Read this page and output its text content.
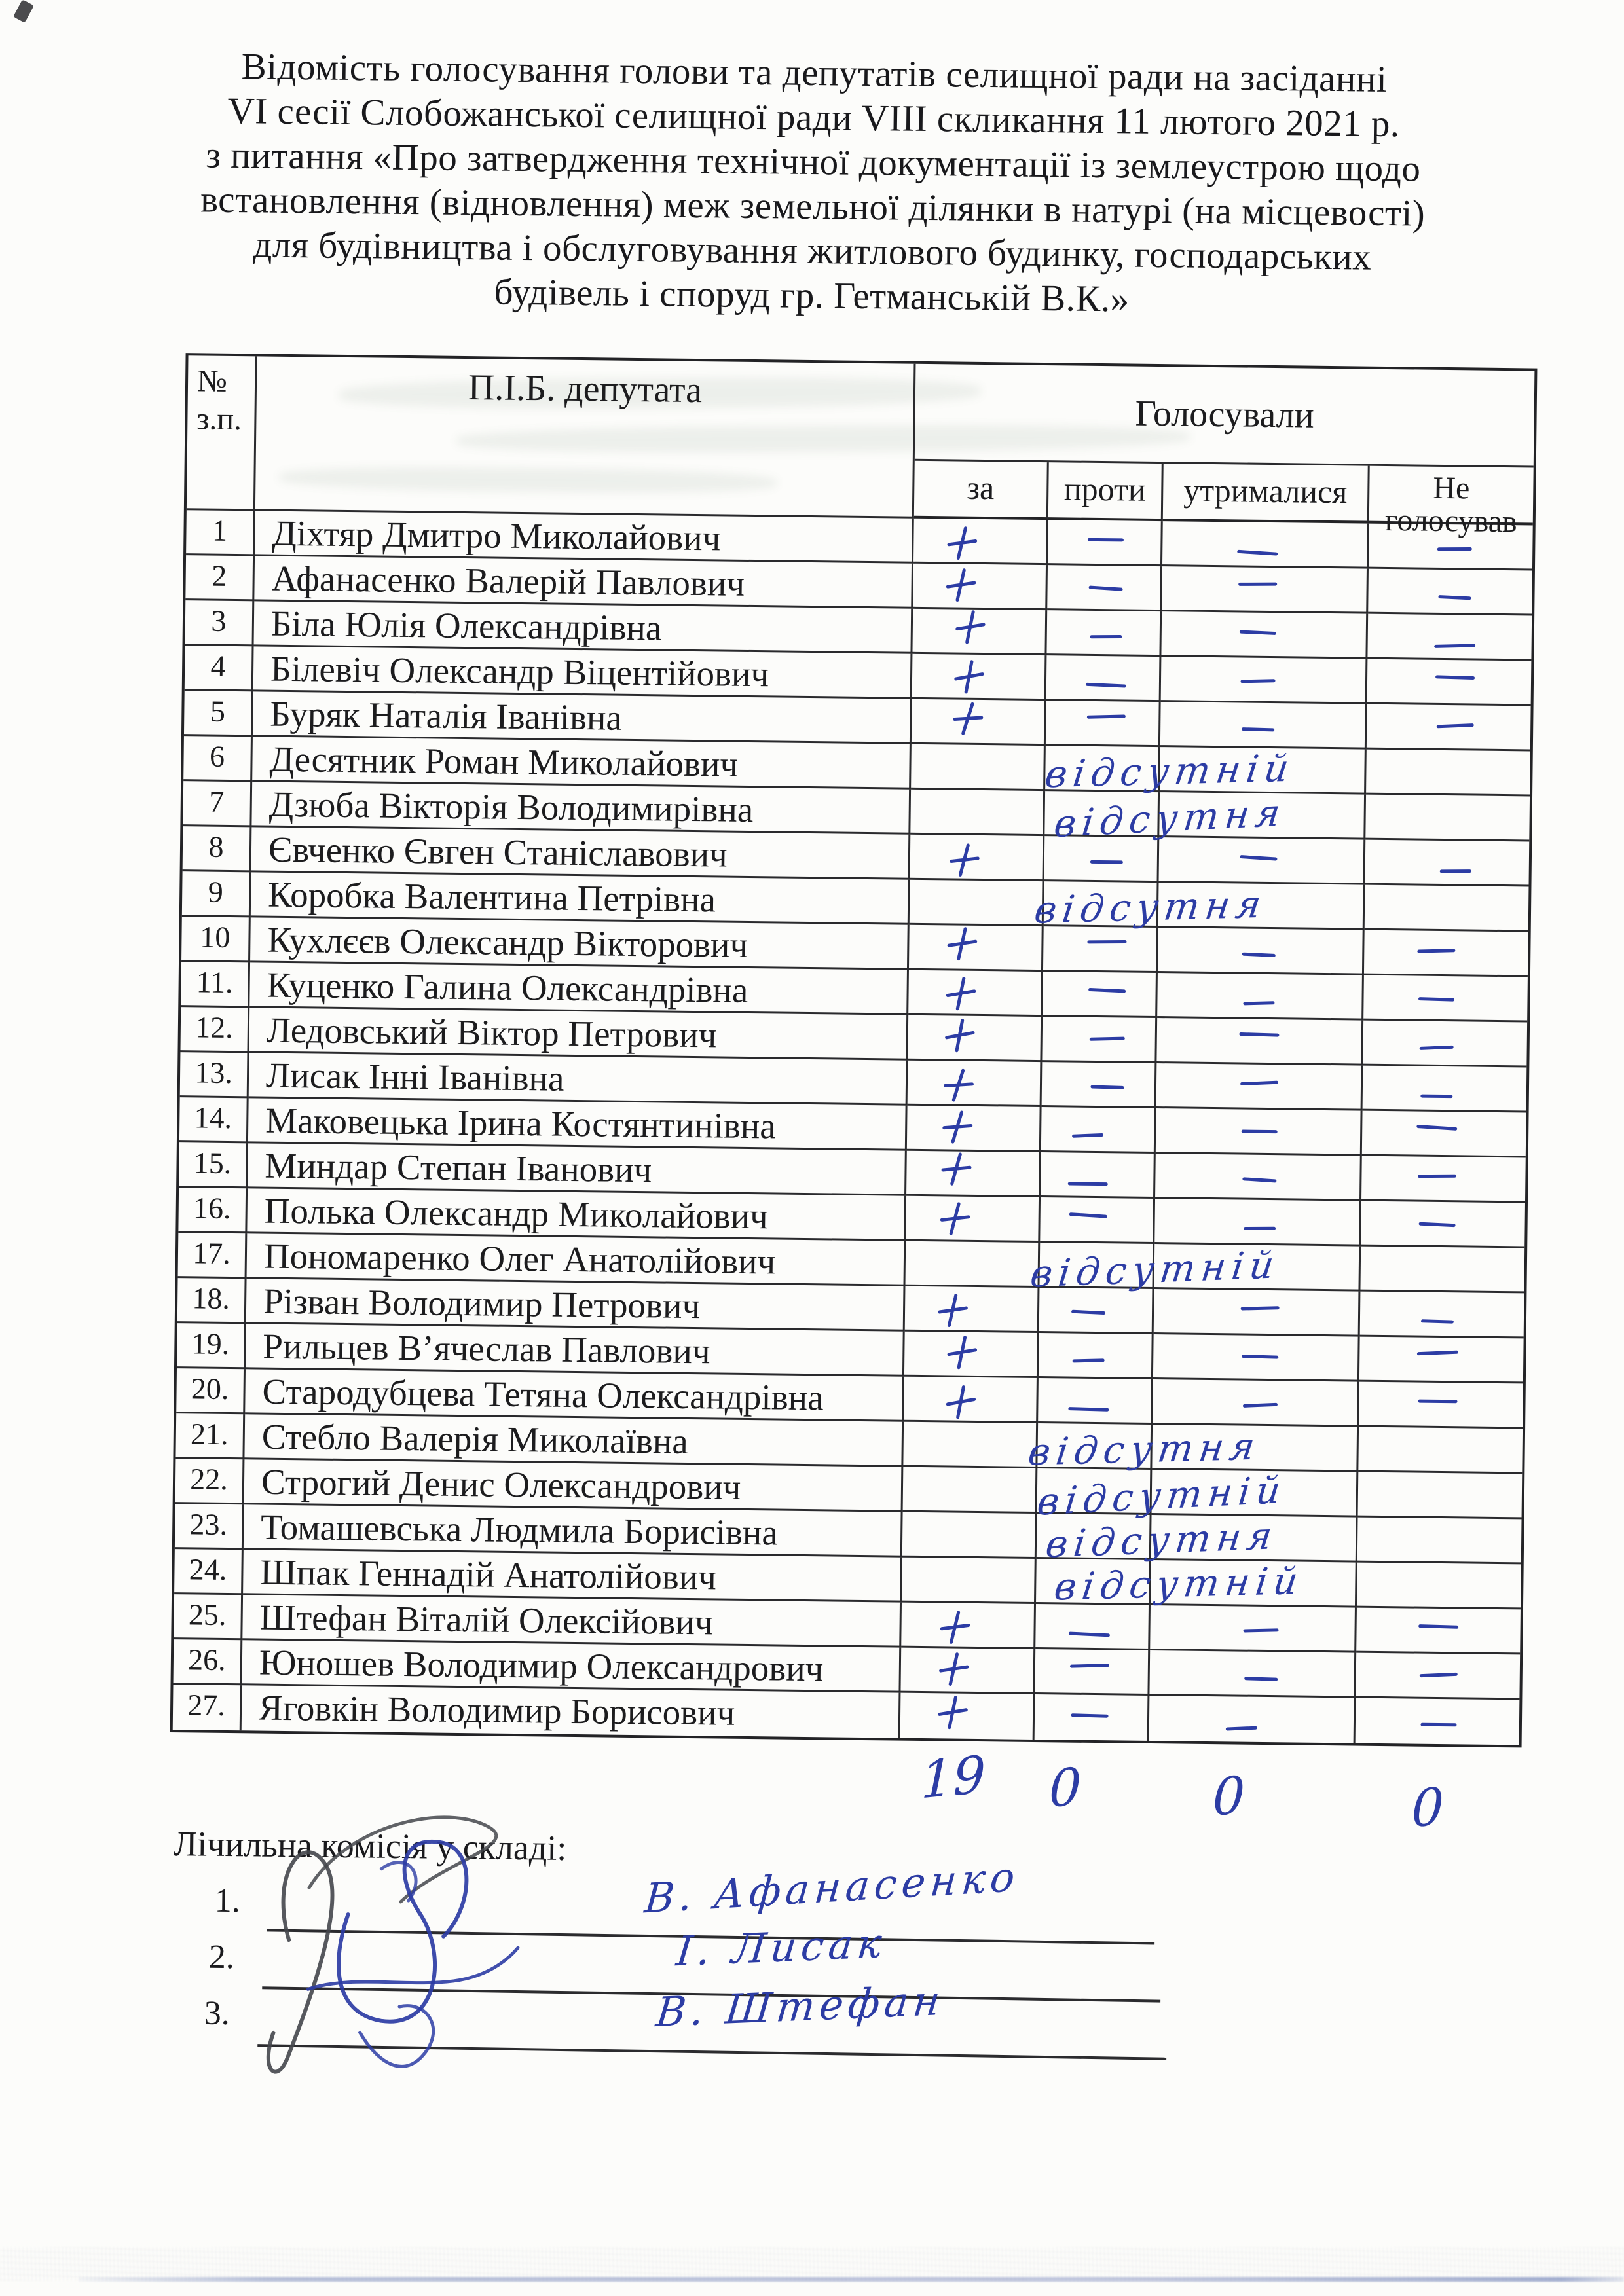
Відомість голосування голови та депутатів селищної ради на засіданні
VI сесії Слобожанської селищної ради VIII скликання 11 лютого 2021 р.
з питання «Про затвердження технічної документації із землеустрою щодо
встановлення (відновлення) меж земельної ділянки в натурі (на місцевості)
для будівництва і обслуговування житлового будинку, господарських
будівель і споруд гр. Гетманській В.К.»
№
з.п.
П.І.Б. депутата
Голосували
за	проти	утрималися	Не голосував
1	Діхтяр Дмитро Миколайович
2	Афанасенко Валерій Павлович
3	Біла Юлія Олександрівна
4	Білевіч Олександр Віцентійович
5	Буряк Наталія Іванівна
6	Десятник Роман Миколайович	відсутній
7	Дзюба Вікторія Володимирівна	відсутня
8	Євченко Євген Станіславович
9	Коробка Валентина Петрівна	відсутня
10	Кухлєєв Олександр Вікторович
11. Куценко Галина Олександрівна
12. Ледовський Віктор Петрович
13. Лисак Інні Іванівна
14. Маковецька Ірина Костянтинівна
15. Миндар Степан Іванович
16. Полька Олександр Миколайович
17. Пономаренко Олег Анатолійович	відсутній
18. Різван Володимир Петрович
19. Рильцев В’ячеслав Павлович
20. Стародубцева Тетяна Олександрівна
21. Стебло Валерія Миколаївна	відсутня
22. Строгий Денис Олександрович	відсутній
23. Томашевська Людмила Борисівна	відсутня
24. Шпак Геннадій Анатолійович	відсутній
25. Штефан Віталій Олексійович
26. Юношев Володимир Олександрович
27. Яговкін Володимир Борисович
19 0	0	0
Лічильна комісія у складі:
1.	В. Афанасенко
2.	І. Лисак
3.	В. Штефан
